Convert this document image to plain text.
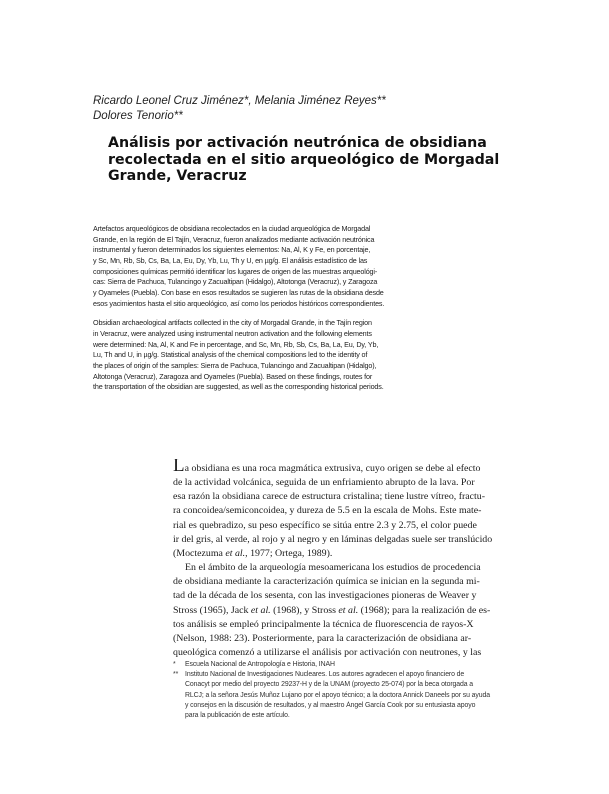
Ricardo Leonel Cruz Jiménez*, Melania Jiménez Reyes**
Dolores Tenorio**
Análisis por activación neutrónica de obsidiana
recolectada en el sitio arqueológico de Morgadal
Grande, Veracruz

Artefactos arqueológicos de obsidiana recolectados en la ciudad arqueológica de Morgadal
Grande, en la región de El Tajín, Veracruz, fueron analizados mediante activación neutrónica
instrumental y fueron determinados los siguientes elementos: Na, Al, K y Fe, en porcentaje,
y Sc, Mn, Rb, Sb, Cs, Ba, La, Eu, Dy, Yb, Lu, Th y U, en µg/g. El análisis estadístico de las
composiciones químicas permitió identificar los lugares de origen de las muestras arqueológi-
cas: Sierra de Pachuca, Tulancingo y Zacualtipan (Hidalgo), Altotonga (Veracruz), y Zaragoza
y Oyameles (Puebla). Con base en esos resultados se sugieren las rutas de la obsidiana desde
esos yacimientos hasta el sitio arqueológico, así como los periodos históricos correspondientes.

Obsidian archaeological artifacts collected in the city of Morgadal Grande, in the Tajín region
in Veracruz, were analyzed using instrumental neutron activation and the following elements
were determined: Na, Al, K and Fe in percentage, and Sc, Mn, Rb, Sb, Cs, Ba, La, Eu, Dy, Yb,
Lu, Th and U, in µg/g. Statistical analysis of the chemical compositions led to the identity of
the places of origin of the samples: Sierra de Pachuca, Tulancingo and Zacualtipan (Hidalgo),
Altotonga (Veracruz), Zaragoza and Oyameles (Puebla). Based on these findings, routes for
the transportation of the obsidian are suggested, as well as the corresponding historical periods.

La obsidiana es una roca magmática extrusiva, cuyo origen se debe al efecto
de la actividad volcánica, seguida de un enfriamiento abrupto de la lava. Por
esa razón la obsidiana carece de estructura cristalina; tiene lustre vítreo, fractu-
ra concoidea/semiconcoidea, y dureza de 5.5 en la escala de Mohs. Este mate-
rial es quebradizo, su peso específico se sitúa entre 2.3 y 2.75, el color puede
ir del gris, al verde, al rojo y al negro y en láminas delgadas suele ser translúcido
(Moctezuma et al., 1977; Ortega, 1989).

En el ámbito de la arqueología mesoamericana los estudios de procedencia
de obsidiana mediante la caracterización química se inician en la segunda mi-
tad de la década de los sesenta, con las investigaciones pioneras de Weaver y
Stross (1965), Jack et al. (1968), y Stross et al. (1968); para la realización de es-
tos análisis se empleó principalmente la técnica de fluorescencia de rayos-X
(Nelson, 1988: 23). Posteriormente, para la caracterización de obsidiana ar-
queológica comenzó a utilizarse el análisis por activación con neutrones, y las

* Escuela Nacional de Antropología e Historia, INAH
** Instituto Nacional de Investigaciones Nucleares. Los autores agradecen el apoyo financiero de
Conacyt por medio del proyecto 29237-H y de la UNAM (proyecto 25-074) por la beca otorgada a
RLCJ; a la señora Jesús Muñoz Lujano por el apoyo técnico; a la doctora Annick Daneels por su ayuda
y consejos en la discusión de resultados, y al maestro Ángel García Cook por su entusiasta apoyo
para la publicación de este artículo.
